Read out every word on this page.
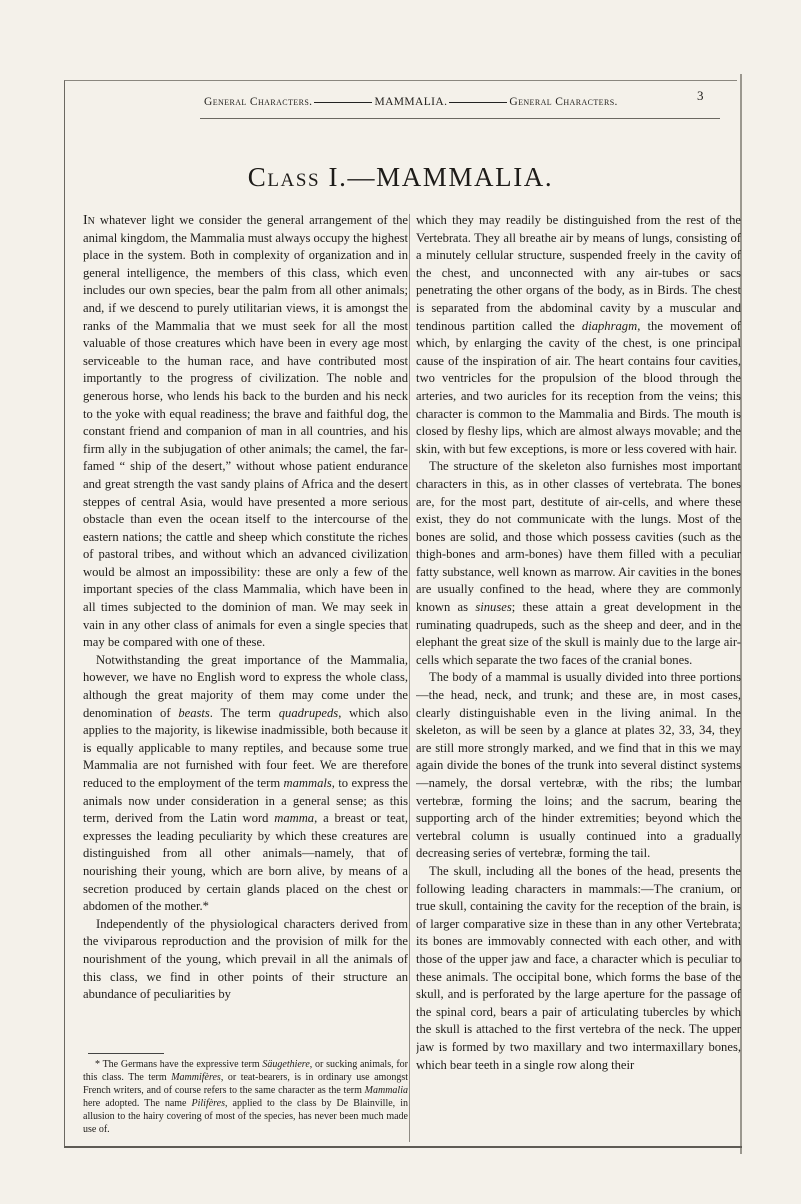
General Characters.	MAMMALIA.	General Characters.	3
Class I.—MAMMALIA.

In whatever light we consider the general arrangement of the animal kingdom, the Mammalia must always occupy the highest place in the system. Both in complexity of organization and in general intelligence, the members of this class, which even includes our own species, bear the palm from all other animals; and, if we descend to purely utilitarian views, it is amongst the ranks of the Mammalia that we must seek for all the most valuable of those creatures which have been in every age most serviceable to the human race, and have contributed most importantly to the progress of civilization. The noble and generous horse, who lends his back to the burden and his neck to the yoke with equal readiness; the brave and faithful dog, the constant friend and companion of man in all countries, and his firm ally in the subjugation of other animals; the camel, the far-famed “ ship of the desert,” without whose patient endurance and great strength the vast sandy plains of Africa and the desert steppes of central Asia, would have presented a more serious obstacle than even the ocean itself to the intercourse of the eastern nations; the cattle and sheep which constitute the riches of pastoral tribes, and without which an advanced civilization would be almost an impossibility: these are only a few of the important species of the class Mammalia, which have been in all times subjected to the dominion of man. We may seek in vain in any other class of animals for even a single species that may be compared with one of these.

Notwithstanding the great importance of the Mammalia, however, we have no English word to express the whole class, although the great majority of them may come under the denomination of beasts. The term quadrupeds, which also applies to the majority, is likewise inadmissible, both because it is equally applicable to many reptiles, and because some true Mammalia are not furnished with four feet. We are therefore reduced to the employment of the term mammals, to express the animals now under consideration in a general sense; as this term, derived from the Latin word mamma, a breast or teat, expresses the leading peculiarity by which these creatures are distinguished from all other animals—namely, that of nourishing their young, which are born alive, by means of a secretion produced by certain glands placed on the chest or abdomen of the mother.*

Independently of the physiological characters derived from the viviparous reproduction and the provision of milk for the nourishment of the young, which prevail in all the animals of this class, we find in other points of their structure an abundance of peculiarities by

* The Germans have the expressive term Säugethiere, or sucking animals, for this class. The term Mammifères, or teat-bearers, is in ordinary use amongst French writers, and of course refers to the same character as the term Mammalia here adopted. The name Pilifères, applied to the class by De Blainville, in allusion to the hairy covering of most of the species, has never been much made use of.

which they may readily be distinguished from the rest of the Vertebrata. They all breathe air by means of lungs, consisting of a minutely cellular structure, suspended freely in the cavity of the chest, and unconnected with any air-tubes or sacs penetrating the other organs of the body, as in Birds. The chest is separated from the abdominal cavity by a muscular and tendinous partition called the diaphragm, the movement of which, by enlarging the cavity of the chest, is one principal cause of the inspiration of air. The heart contains four cavities, two ventricles for the propulsion of the blood through the arteries, and two auricles for its reception from the veins; this character is common to the Mammalia and Birds. The mouth is closed by fleshy lips, which are almost always movable; and the skin, with but few exceptions, is more or less covered with hair.

The structure of the skeleton also furnishes most important characters in this, as in other classes of vertebrata. The bones are, for the most part, destitute of air-cells, and where these exist, they do not communicate with the lungs. Most of the bones are solid, and those which possess cavities (such as the thigh-bones and arm-bones) have them filled with a peculiar fatty substance, well known as marrow. Air cavities in the bones are usually confined to the head, where they are commonly known as sinuses; these attain a great development in the ruminating quadrupeds, such as the sheep and deer, and in the elephant the great size of the skull is mainly due to the large air-cells which separate the two faces of the cranial bones.

The body of a mammal is usually divided into three portions—the head, neck, and trunk; and these are, in most cases, clearly distinguishable even in the living animal. In the skeleton, as will be seen by a glance at plates 32, 33, 34, they are still more strongly marked, and we find that in this we may again divide the bones of the trunk into several distinct systems—namely, the dorsal vertebræ, with the ribs; the lumbar vertebræ, forming the loins; and the sacrum, bearing the supporting arch of the hinder extremities; beyond which the vertebral column is usually continued into a gradually decreasing series of vertebræ, forming the tail.

The skull, including all the bones of the head, presents the following leading characters in mammals:—The cranium, or true skull, containing the cavity for the reception of the brain, is of larger comparative size in these than in any other Vertebrata; its bones are immovably connected with each other, and with those of the upper jaw and face, a character which is peculiar to these animals. The occipital bone, which forms the base of the skull, and is perforated by the large aperture for the passage of the spinal cord, bears a pair of articulating tubercles by which the skull is attached to the first vertebra of the neck. The upper jaw is formed by two maxillary and two intermaxillary bones, which bear teeth in a single row along their
